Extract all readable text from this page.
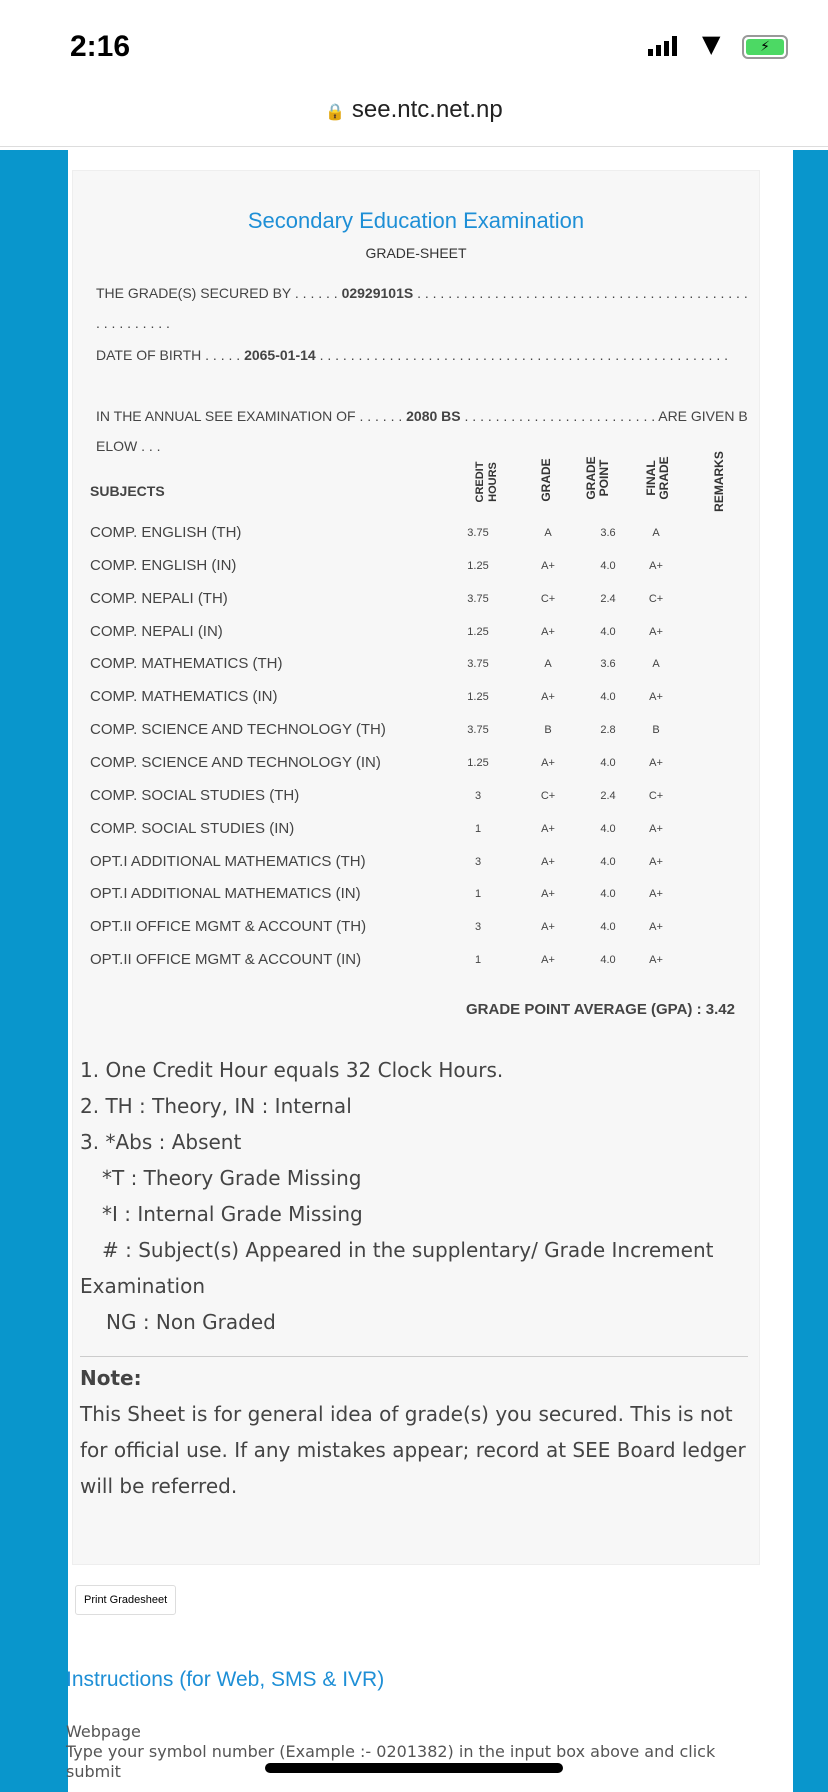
2:16	▼	⚡
🔒 see.ntc.net.np
Secondary Education Examination
GRADE-SHEET
THE GRADE(S) SECURED BY . . . . . . 02929101S . . . . . . . . . . . . . . . . . . . . . . . . . . . . . . . . . . . . . . . . . . . . . . . . . . . . .
DATE OF BIRTH . . . . . 2065-01-14 . . . . . . . . . . . . . . . . . . . . . . . . . . . . . . . . . . . . . . . . . . . . . . . . . . . . .
IN THE ANNUAL SEE EXAMINATION OF . . . . . . 2080 BS . . . . . . . . . . . . . . . . . . . . . . . . . ARE GIVEN BELOW . . .
SUBJECTS	CREDIT HOURS	GRADE	GRADE POINT	FINAL GRADE	REMARKS
COMP. ENGLISH (TH)	3.75	A	3.6	A
COMP. ENGLISH (IN)	1.25	A+	4.0	A+
COMP. NEPALI (TH)	3.75	C+	2.4	C+
COMP. NEPALI (IN)	1.25	A+	4.0	A+
COMP. MATHEMATICS (TH)	3.75	A	3.6	A
COMP. MATHEMATICS (IN)	1.25	A+	4.0	A+
COMP. SCIENCE AND TECHNOLOGY (TH)	3.75	B	2.8	B
COMP. SCIENCE AND TECHNOLOGY (IN)	1.25	A+	4.0	A+
COMP. SOCIAL STUDIES (TH)	3	C+	2.4	C+
COMP. SOCIAL STUDIES (IN)	1	A+	4.0	A+
OPT.I ADDITIONAL MATHEMATICS (TH)	3	A+	4.0	A+
OPT.I ADDITIONAL MATHEMATICS (IN)	1	A+	4.0	A+
OPT.II OFFICE MGMT & ACCOUNT (TH)	3	A+	4.0	A+
OPT.II OFFICE MGMT & ACCOUNT (IN)	1	A+	4.0	A+
GRADE POINT AVERAGE (GPA) : 3.42
1. One Credit Hour equals 32 Clock Hours.
2. TH : Theory, IN : Internal
3. *Abs : Absent
*T : Theory Grade Missing
*I : Internal Grade Missing
# : Subject(s) Appeared in the supplentary/ Grade Increment
Examination
NG : Non Graded
Note:
This Sheet is for general idea of grade(s) you secured. This is not for official use. If any mistakes appear; record at SEE Board ledger will be referred.
Print Gradesheet
Instructions (for Web, SMS & IVR)
Webpage
Type your symbol number (Example :- 0201382) in the input box above and click submit
